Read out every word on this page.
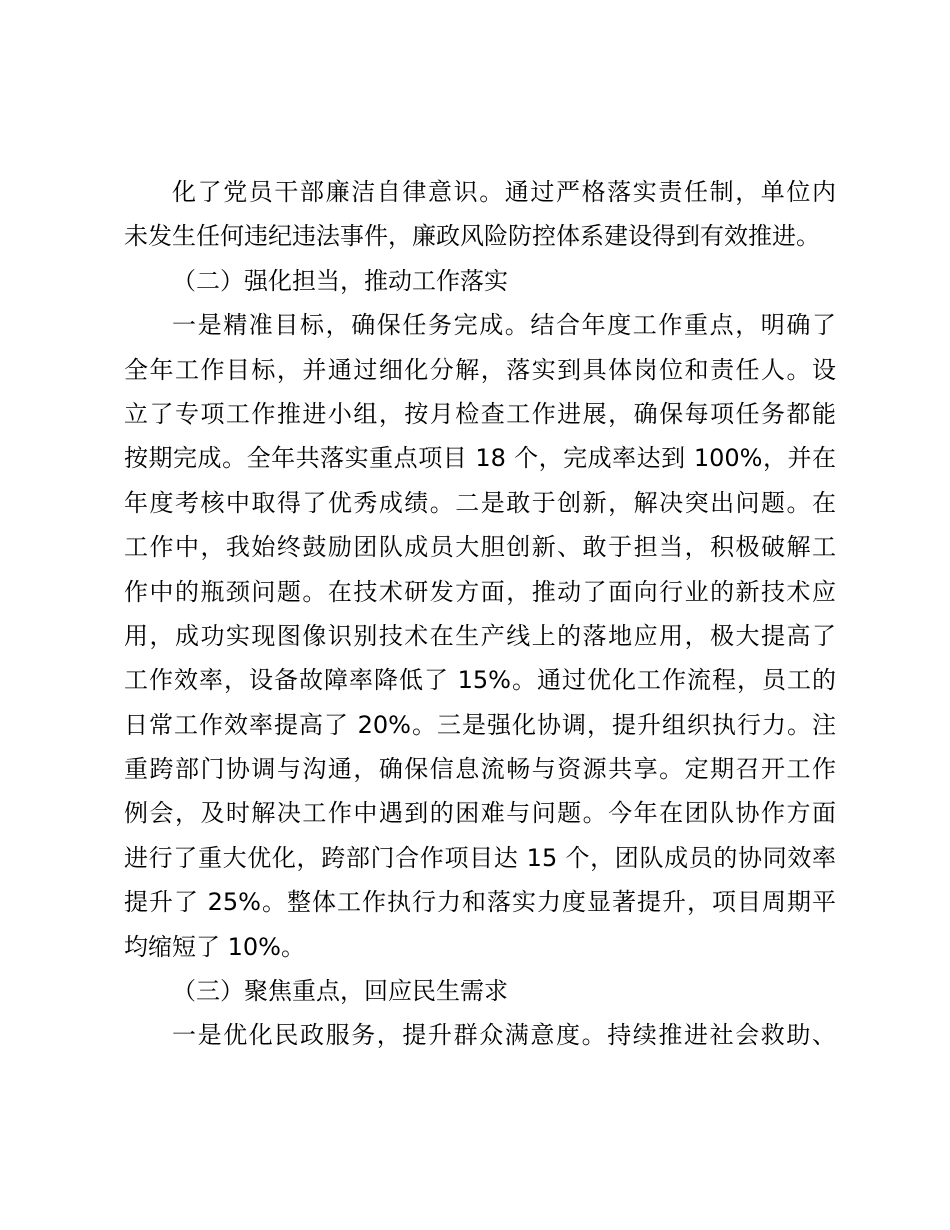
化了党员干部廉洁自律意识。通过严格落实责任制，单位内
未发生任何违纪违法事件，廉政风险防控体系建设得到有效推进。
（二）强化担当，推动工作落实
一是精准目标，确保任务完成。结合年度工作重点，明确了
全年工作目标，并通过细化分解，落实到具体岗位和责任人。设
立了专项工作推进小组，按月检查工作进展，确保每项任务都能
按期完成。全年共落实重点项目 18 个，完成率达到 100%，并在
年度考核中取得了优秀成绩。二是敢于创新，解决突出问题。在
工作中，我始终鼓励团队成员大胆创新、敢于担当，积极破解工
作中的瓶颈问题。在技术研发方面，推动了面向行业的新技术应
用，成功实现图像识别技术在生产线上的落地应用，极大提高了
工作效率，设备故障率降低了 15%。通过优化工作流程，员工的
日常工作效率提高了 20%。三是强化协调，提升组织执行力。注
重跨部门协调与沟通，确保信息流畅与资源共享。定期召开工作
例会，及时解决工作中遇到的困难与问题。今年在团队协作方面
进行了重大优化，跨部门合作项目达 15 个，团队成员的协同效率
提升了 25%。整体工作执行力和落实力度显著提升，项目周期平
均缩短了 10%。
（三）聚焦重点，回应民生需求
一是优化民政服务，提升群众满意度。持续推进社会救助、
